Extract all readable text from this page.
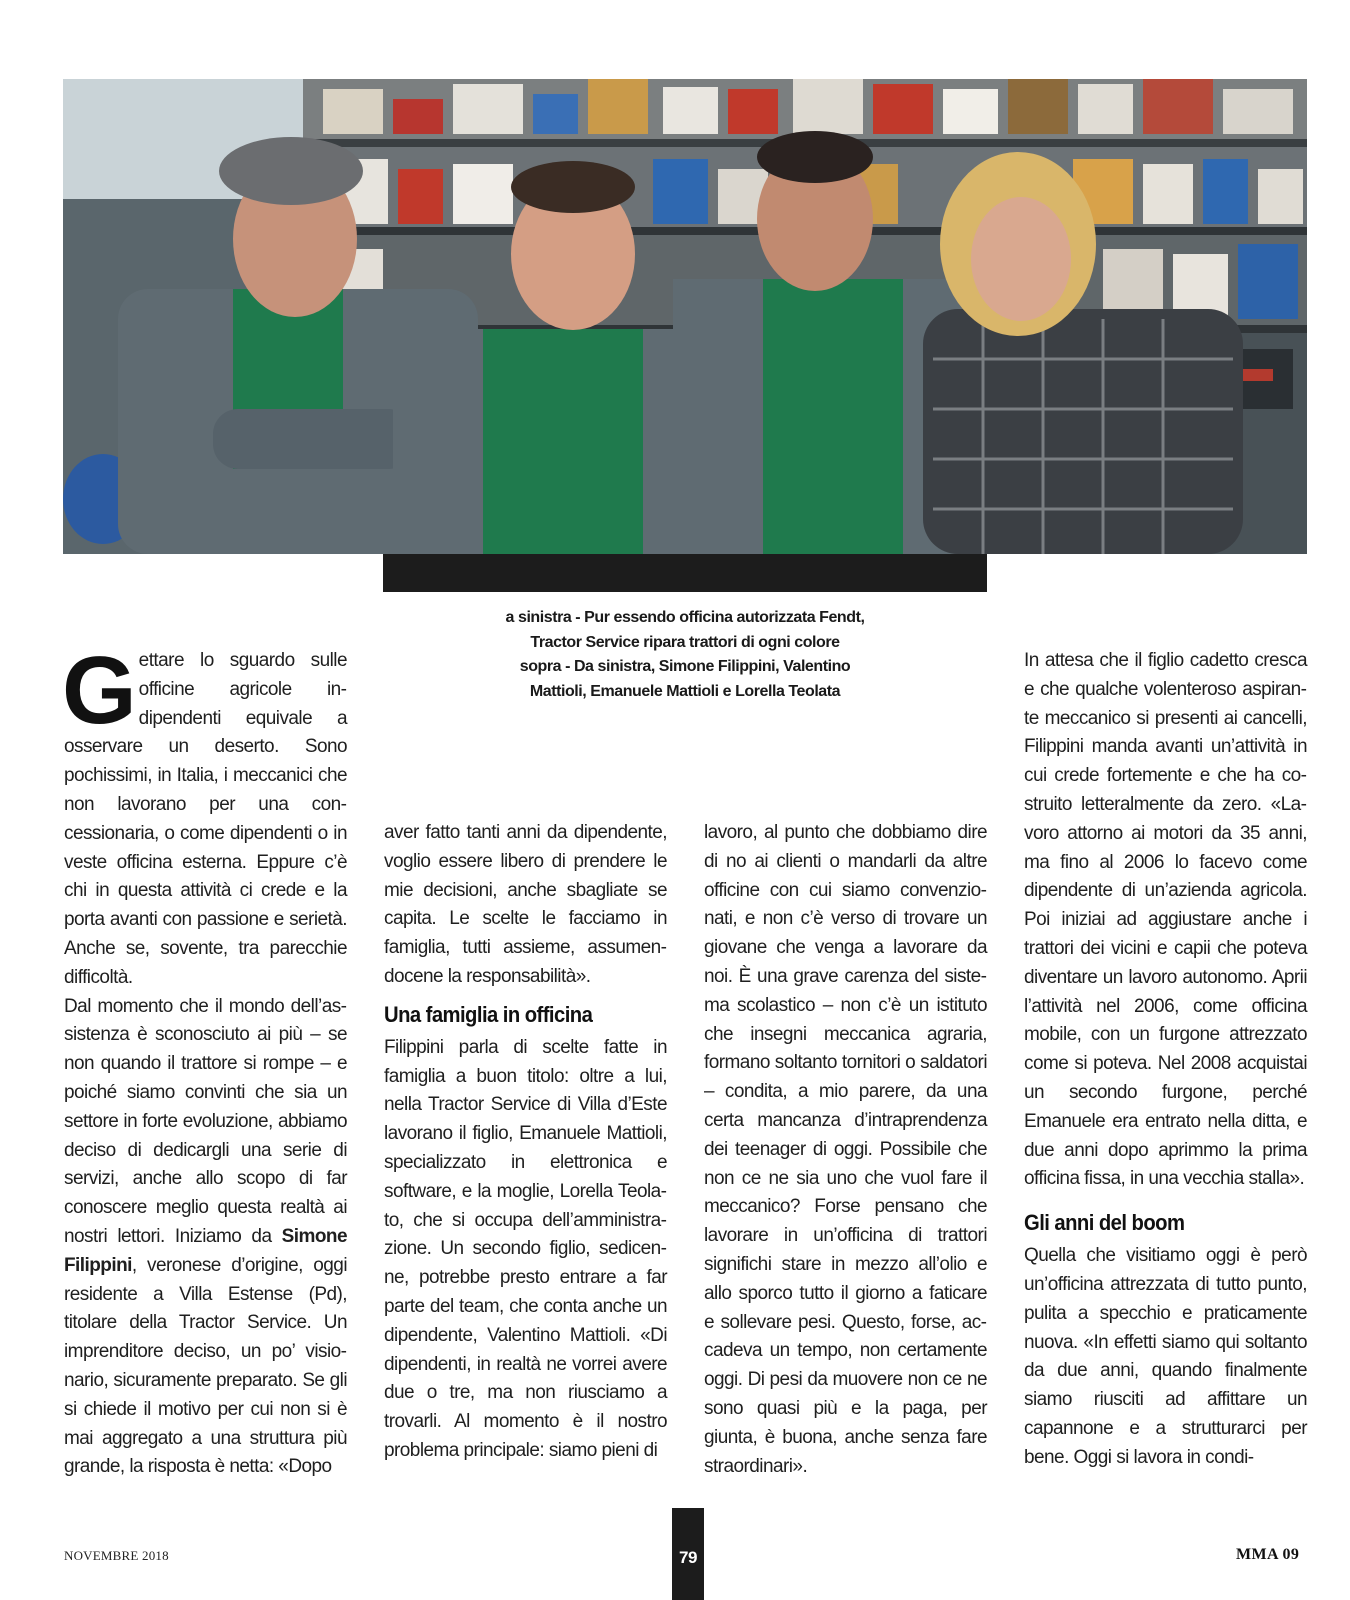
a sinistra - Pur essendo officina autorizzata Fendt,
Tractor Service ripara trattori di ogni colore
sopra - Da sinistra, Simone Filippini, Valentino
Mattioli, Emanuele Mattioli e Lorella Teolata

Gettare lo sguardo sulle officine agricole indipendenti equivale a osservare un deserto. Sono pochissimi, in Italia, i meccanici che non lavorano per una concessionaria, o come dipendenti o in veste officina esterna. Eppure c’è chi in questa attività ci crede e la porta avanti con passione e serietà. Anche se, sovente, tra parecchie difficoltà.

Dal momento che il mondo dell’assistenza è sconosciuto ai più – se non quando il trattore si rompe – e poiché siamo convinti che sia un settore in forte evoluzione, abbiamo deciso di dedicargli una serie di servizi, anche allo scopo di far conoscere meglio questa realtà ai nostri lettori. Iniziamo da Simone Filippini, veronese d’origine, oggi residente a Villa Estense (Pd), titolare della Tractor Service. Un imprenditore deciso, un po’ visionario, sicuramente preparato. Se gli si chiede il motivo per cui non si è mai aggregato a una struttura più grande, la risposta è netta: «Dopo

aver fatto tanti anni da dipendente, voglio essere libero di prendere le mie decisioni, anche sbagliate se capita. Le scelte le facciamo in famiglia, tutti assieme, assumendocene la responsabilità».

Una famiglia in officina

Filippini parla di scelte fatte in famiglia a buon titolo: oltre a lui, nella Tractor Service di Villa d’Este lavorano il figlio, Emanuele Mattioli, specializzato in elettronica e software, e la moglie, Lorella Teolato, che si occupa dell’amministrazione. Un secondo figlio, sedicenne, potrebbe presto entrare a far parte del team, che conta anche un dipendente, Valentino Mattioli. «Di dipendenti, in realtà ne vorrei avere due o tre, ma non riusciamo a trovarli. Al momento è il nostro problema principale: siamo pieni di

lavoro, al punto che dobbiamo dire di no ai clienti o mandarli da altre officine con cui siamo convenzionati, e non c’è verso di trovare un giovane che venga a lavorare da noi. È una grave carenza del sistema scolastico – non c’è un istituto che insegni meccanica agraria, formano soltanto tornitori o saldatori – condita, a mio parere, da una certa mancanza d’intraprendenza dei teenager di oggi. Possibile che non ce ne sia uno che vuol fare il meccanico? Forse pensano che lavorare in un’officina di trattori significhi stare in mezzo all’olio e allo sporco tutto il giorno a faticare e sollevare pesi. Questo, forse, accadeva un tempo, non certamente oggi. Di pesi da muovere non ce ne sono quasi più e la paga, per giunta, è buona, anche senza fare straordinari».

In attesa che il figlio cadetto cresca e che qualche volenteroso aspirante meccanico si presenti ai cancelli, Filippini manda avanti un’attività in cui crede fortemente e che ha costruito letteralmente da zero. «Lavoro attorno ai motori da 35 anni, ma fino al 2006 lo facevo come dipendente di un’azienda agricola. Poi iniziai ad aggiustare anche i trattori dei vicini e capii che poteva diventare un lavoro autonomo. Aprii l’attività nel 2006, come officina mobile, con un furgone attrezzato come si poteva. Nel 2008 acquistai un secondo furgone, perché Emanuele era entrato nella ditta, e due anni dopo aprimmo la prima officina fissa, in una vecchia stalla».

Gli anni del boom

Quella che visitiamo oggi è però un’officina attrezzata di tutto punto, pulita a specchio e praticamente nuova. «In effetti siamo qui soltanto da due anni, quando finalmente siamo riusciti ad affittare un capannone e a strutturarci per bene. Oggi si lavora in condi-

NOVEMBRE 2018	79	MMA 09
